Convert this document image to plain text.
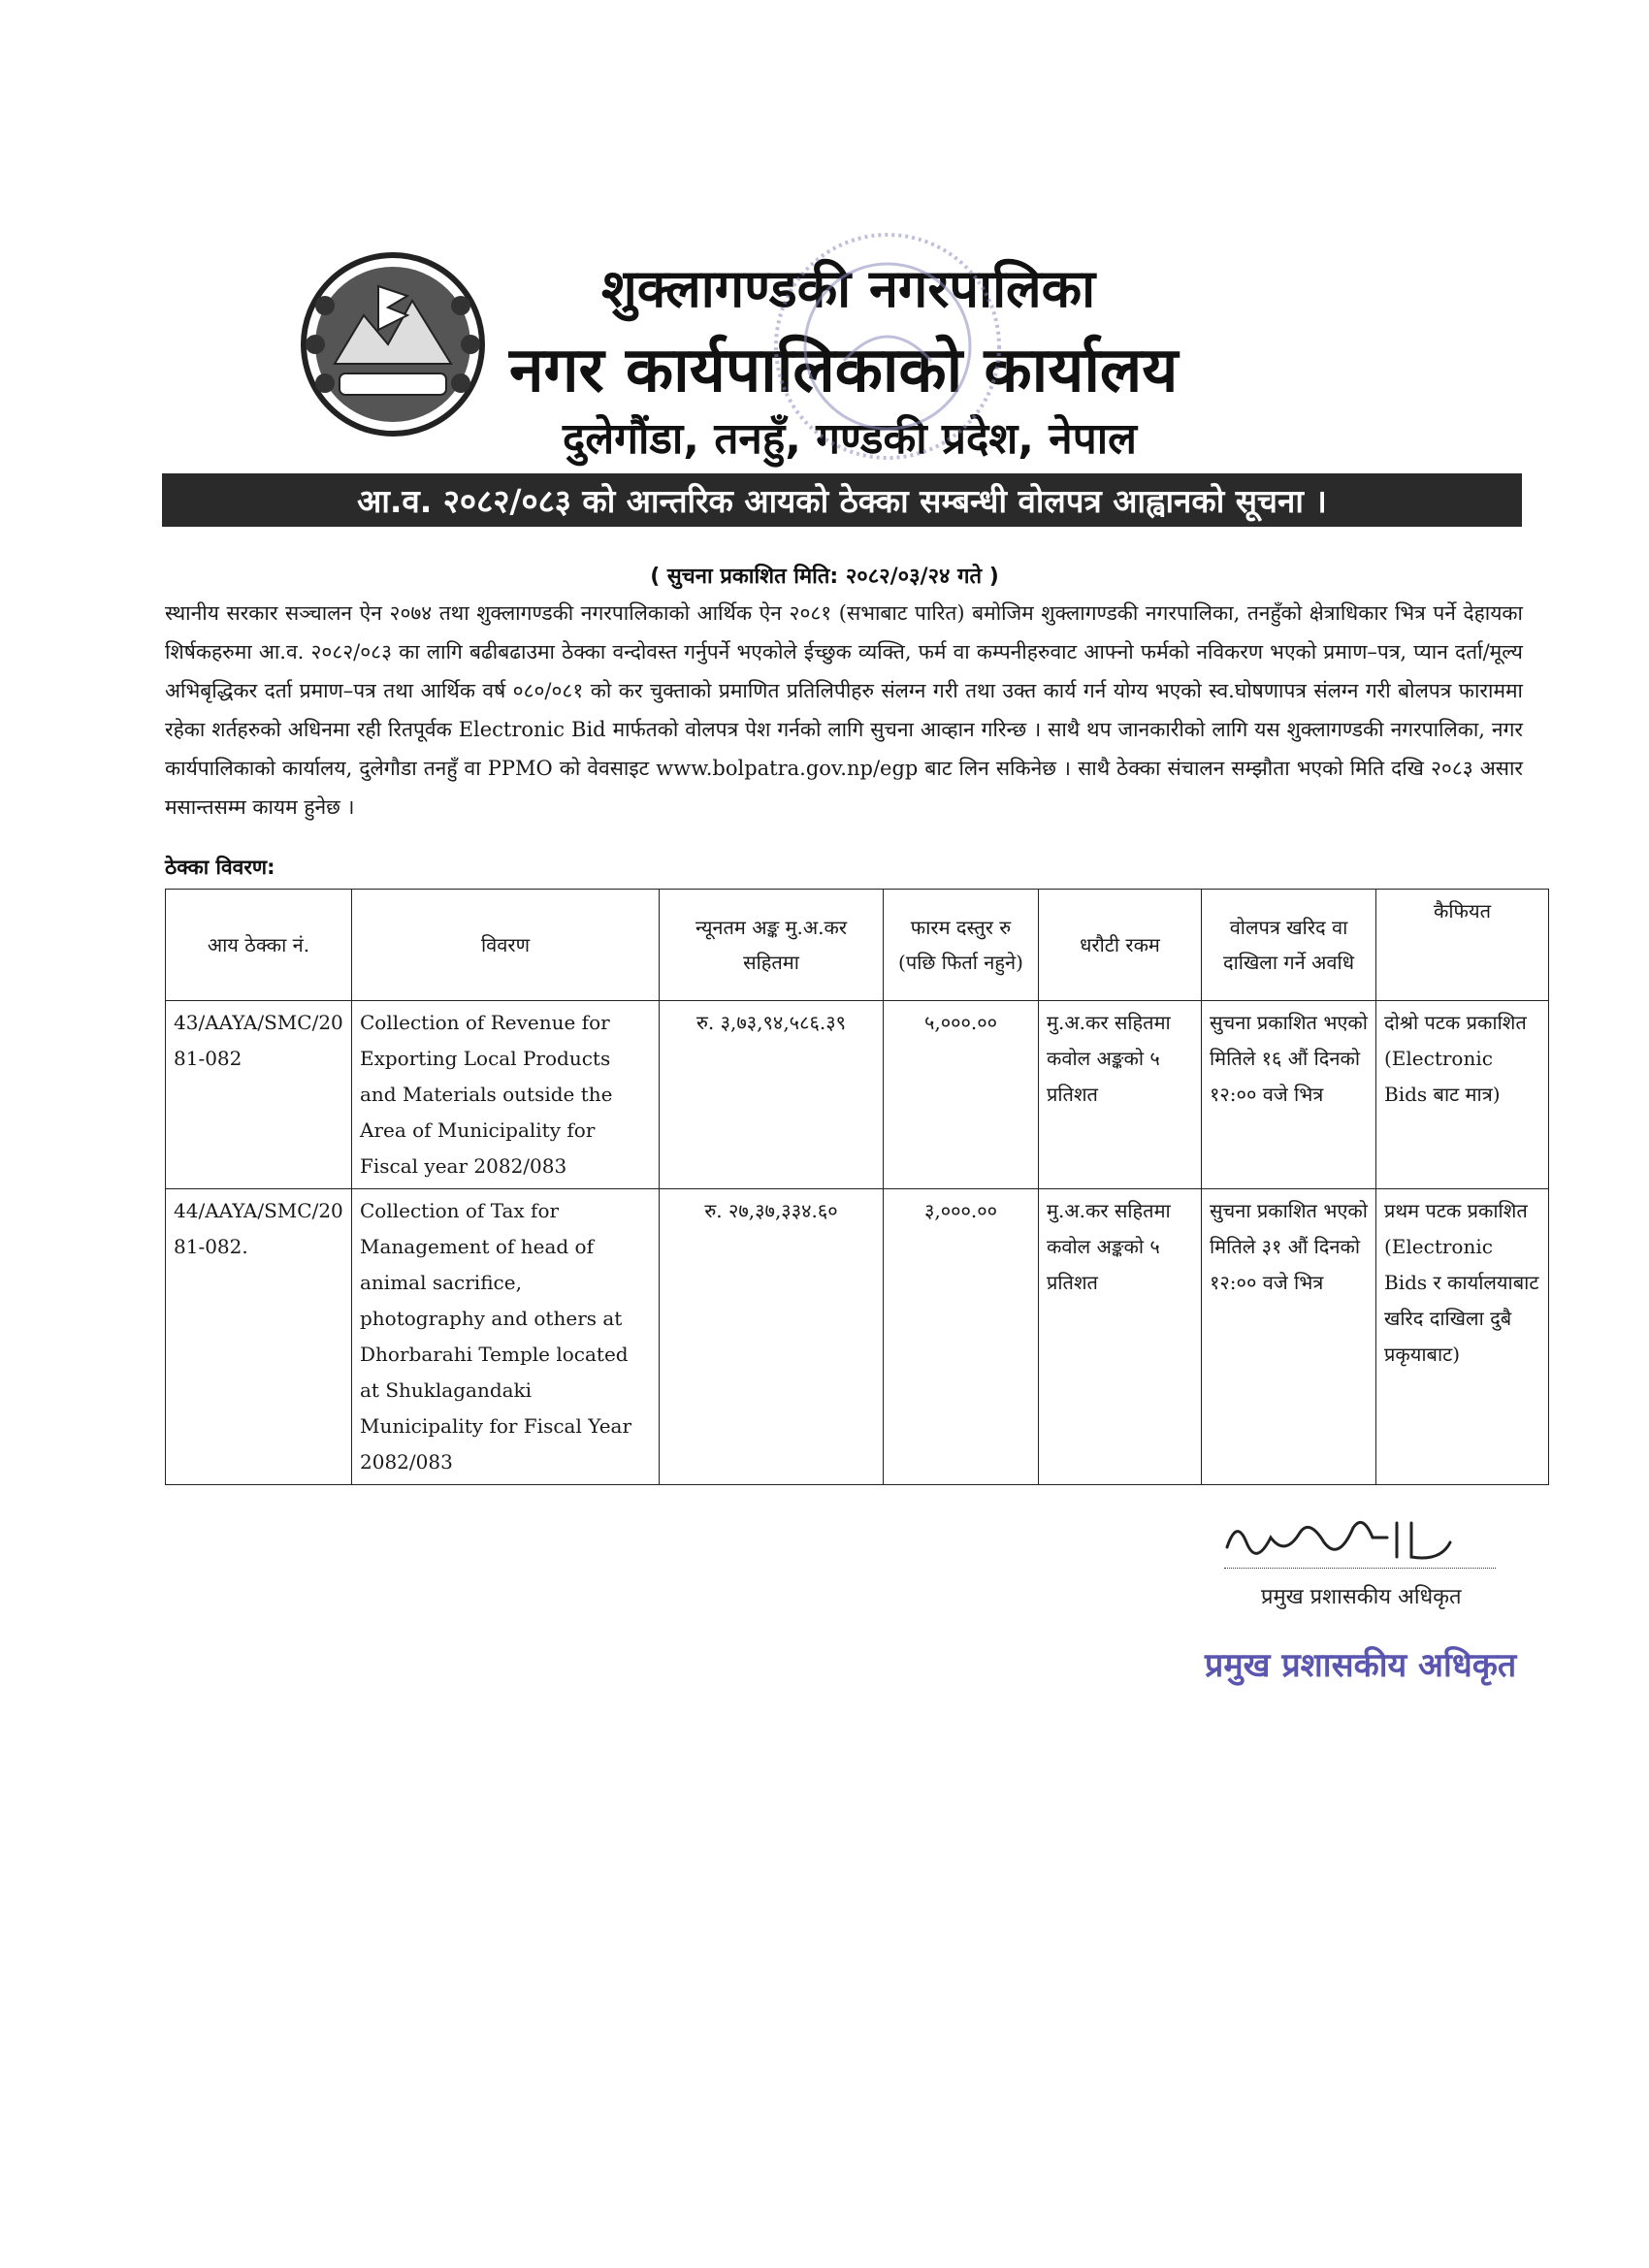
शुक्लागण्डकी नगरपालिका
नगर कार्यपालिकाको कार्यालय
दुलेगौंडा, तनहुँ, गण्डकी प्रदेश, नेपाल
आ.व. २०८२/०८३ को आन्तरिक आयको ठेक्का सम्बन्धी वोलपत्र आह्वानको सूचना ।
( सुचना प्रकाशित मिति: २०८२/०३/२४ गते )
स्थानीय सरकार सञ्चालन ऐन २०७४ तथा शुक्लागण्डकी नगरपालिकाको आर्थिक ऐन २०८१ (सभाबाट पारित) बमोजिम शुक्लागण्डकी नगरपालिका, तनहुँको क्षेत्राधिकार भित्र पर्ने देहायका शिर्षकहरुमा आ.व. २०८२/०८३ का लागि बढीबढाउमा ठेक्का वन्दोवस्त गर्नुपर्ने भएकोले ईच्छुक व्यक्ति, फर्म वा कम्पनीहरुवाट आफ्नो फर्मको नविकरण भएको प्रमाण–पत्र, प्यान दर्ता/मूल्य अभिबृद्धिकर दर्ता प्रमाण–पत्र तथा आर्थिक वर्ष ०८०/०८१ को कर चुक्ताको प्रमाणित प्रतिलिपीहरु संलग्न गरी तथा उक्त कार्य गर्न योग्य भएको स्व.घोषणापत्र संलग्न गरी बोलपत्र फाराममा रहेका शर्तहरुको अधिनमा रही रितपूर्वक Electronic Bid मार्फतको वोलपत्र पेश गर्नको लागि सुचना आव्हान गरिन्छ । साथै थप जानकारीको लागि यस शुक्लागण्डकी नगरपालिका, नगर कार्यपालिकाको कार्यालय, दुलेगौडा तनहुँ वा PPMO को वेवसाइट www.bolpatra.gov.np/egp बाट लिन सकिनेछ । साथै ठेक्का संचालन सम्झौता भएको मिति दखि २०८३ असार मसान्तसम्म कायम हुनेछ ।
ठेक्का विवरण:
आय ठेक्का नं.	विवरण	न्यूनतम अङ्क मु.अ.कर सहितमा	फारम दस्तुर रु (पछि फिर्ता नहुने)	धरौटी रकम	वोलपत्र खरिद वा दाखिला गर्ने अवधि	कैफियत
43/AAYA/SMC/2081-082	Collection of Revenue for Exporting Local Products and Materials outside the Area of Municipality for Fiscal year 2082/083	रु. ३,७३,९४,५८६.३९	५,०००.००	मु.अ.कर सहितमा कवोल अङ्कको ५ प्रतिशत	सुचना प्रकाशित भएको मितिले १६ औं दिनको १२:०० वजे भित्र	दोश्रो पटक प्रकाशित (Electronic Bids बाट मात्र)
44/AAYA/SMC/2081-082.	Collection of Tax for Management of head of animal sacrifice, photography and others at Dhorbarahi Temple located at Shuklagandaki Municipality for Fiscal Year 2082/083	रु. २७,३७,३३४.६०	३,०००.००	मु.अ.कर सहितमा कवोल अङ्कको ५ प्रतिशत	सुचना प्रकाशित भएको मितिले ३१ औं दिनको १२:०० वजे भित्र	प्रथम पटक प्रकाशित (Electronic Bids र कार्यालयाबाट खरिद दाखिला दुबै प्रकृयाबाट)
प्रमुख प्रशासकीय अधिकृत
प्रमुख प्रशासकीय अधिकृत
